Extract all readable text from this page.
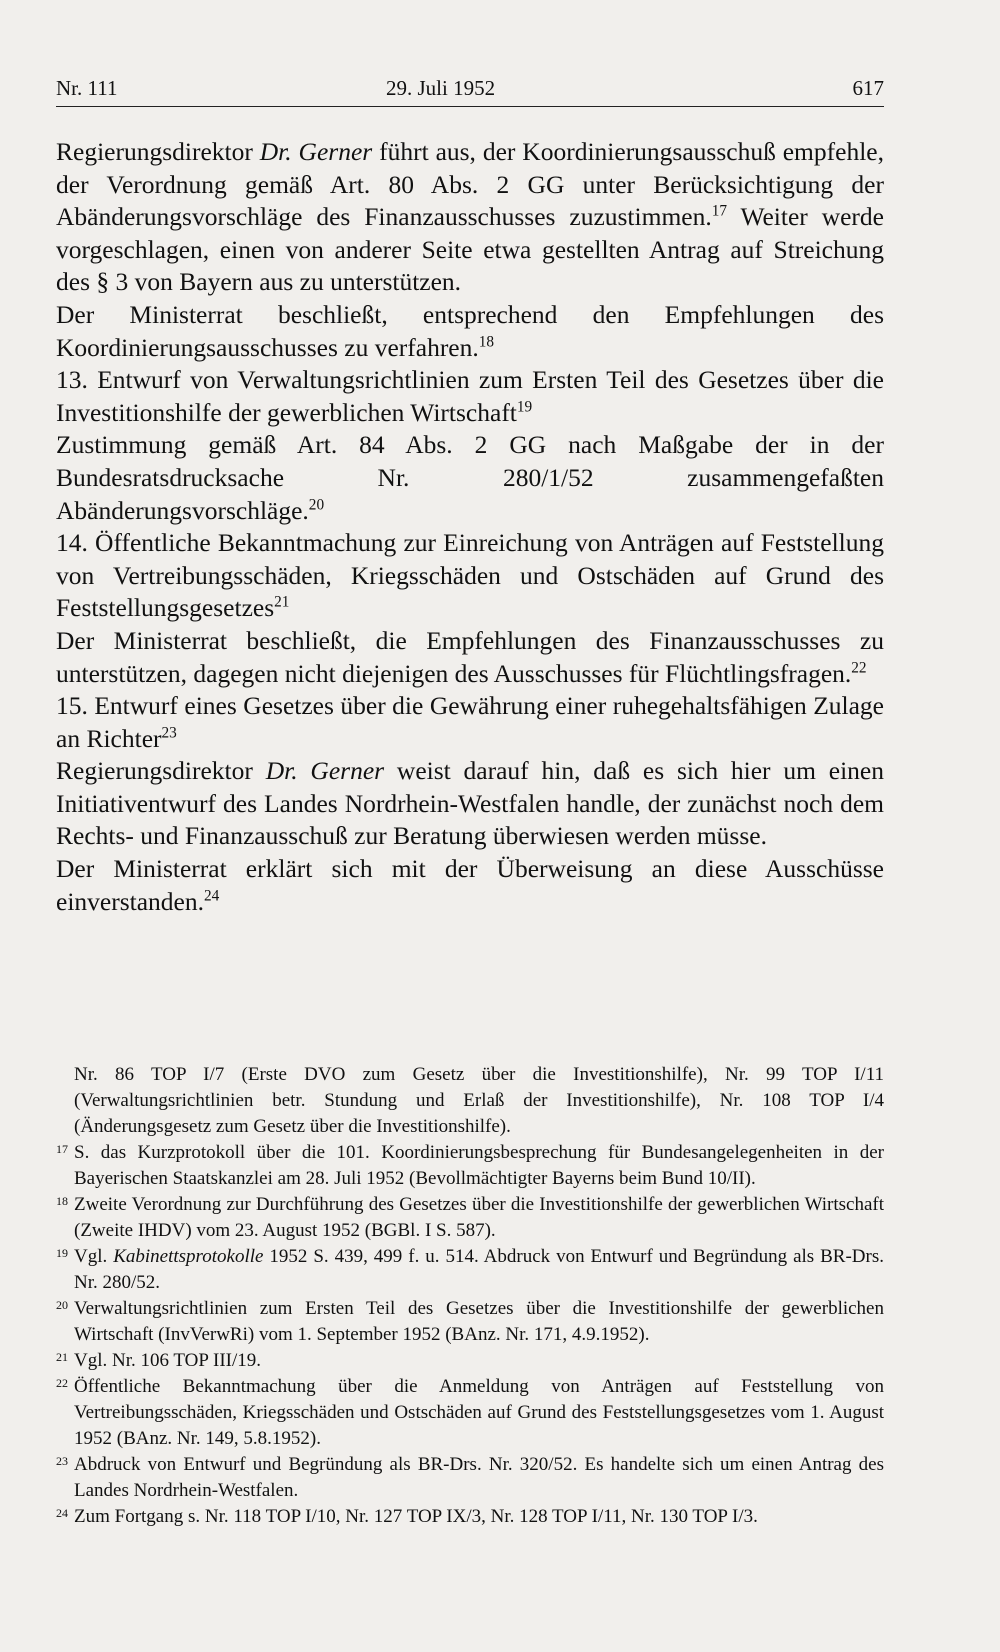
Nr. 111	29. Juli 1952	617

Regierungsdirektor Dr. Gerner führt aus, der Koordinierungsausschuß empfehle, der Verordnung gemäß Art. 80 Abs. 2 GG unter Berücksichtigung der Abänderungsvorschläge des Finanzausschusses zuzustimmen.$^{17}$ Weiter werde vorgeschlagen, einen von anderer Seite etwa gestellten Antrag auf Streichung des § 3 von Bayern aus zu unterstützen.

Der Ministerrat beschließt, entsprechend den Empfehlungen des Koordinierungsausschusses zu verfahren.$^{18}$

13. Entwurf von Verwaltungsrichtlinien zum Ersten Teil des Gesetzes über die Investitionshilfe der gewerblichen Wirtschaft$^{19}$

Zustimmung gemäß Art. 84 Abs. 2 GG nach Maßgabe der in der Bundesratsdrucksache Nr. 280/1/52 zusammengefaßten Abänderungsvorschläge.$^{20}$

14. Öffentliche Bekanntmachung zur Einreichung von Anträgen auf Feststellung von Vertreibungsschäden, Kriegsschäden und Ostschäden auf Grund des Feststellungsgesetzes$^{21}$

Der Ministerrat beschließt, die Empfehlungen des Finanzausschusses zu unterstützen, dagegen nicht diejenigen des Ausschusses für Flüchtlingsfragen.$^{22}$

15. Entwurf eines Gesetzes über die Gewährung einer ruhegehaltsfähigen Zulage an Richter$^{23}$

Regierungsdirektor Dr. Gerner weist darauf hin, daß es sich hier um einen Initiativentwurf des Landes Nordrhein-Westfalen handle, der zunächst noch dem Rechts- und Finanzausschuß zur Beratung überwiesen werden müsse.

Der Ministerrat erklärt sich mit der Überweisung an diese Ausschüsse einverstanden.$^{24}$

Nr. 86 TOP I/7 (Erste DVO zum Gesetz über die Investitionshilfe), Nr. 99 TOP I/11 (Verwaltungsrichtlinien betr. Stundung und Erlaß der Investitionshilfe), Nr. 108 TOP I/4 (Änderungsgesetz zum Gesetz über die Investitionshilfe).

17 S. das Kurzprotokoll über die 101. Koordinierungsbesprechung für Bundesangelegenheiten in der Bayerischen Staatskanzlei am 28. Juli 1952 (Bevollmächtigter Bayerns beim Bund 10/II).

18 Zweite Verordnung zur Durchführung des Gesetzes über die Investitionshilfe der gewerblichen Wirtschaft (Zweite IHDV) vom 23. August 1952 (BGBl. I S. 587).

19 Vgl. Kabinettsprotokolle 1952 S. 439, 499 f. u. 514. Abdruck von Entwurf und Begründung als BR-Drs. Nr. 280/52.

20 Verwaltungsrichtlinien zum Ersten Teil des Gesetzes über die Investitionshilfe der gewerblichen Wirtschaft (InvVerwRi) vom 1. September 1952 (BAnz. Nr. 171, 4.9.1952).

21 Vgl. Nr. 106 TOP III/19.

22 Öffentliche Bekanntmachung über die Anmeldung von Anträgen auf Feststellung von Vertreibungsschäden, Kriegsschäden und Ostschäden auf Grund des Feststellungsgesetzes vom 1. August 1952 (BAnz. Nr. 149, 5.8.1952).

23 Abdruck von Entwurf und Begründung als BR-Drs. Nr. 320/52. Es handelte sich um einen Antrag des Landes Nordrhein-Westfalen.

24 Zum Fortgang s. Nr. 118 TOP I/10, Nr. 127 TOP IX/3, Nr. 128 TOP I/11, Nr. 130 TOP I/3.
